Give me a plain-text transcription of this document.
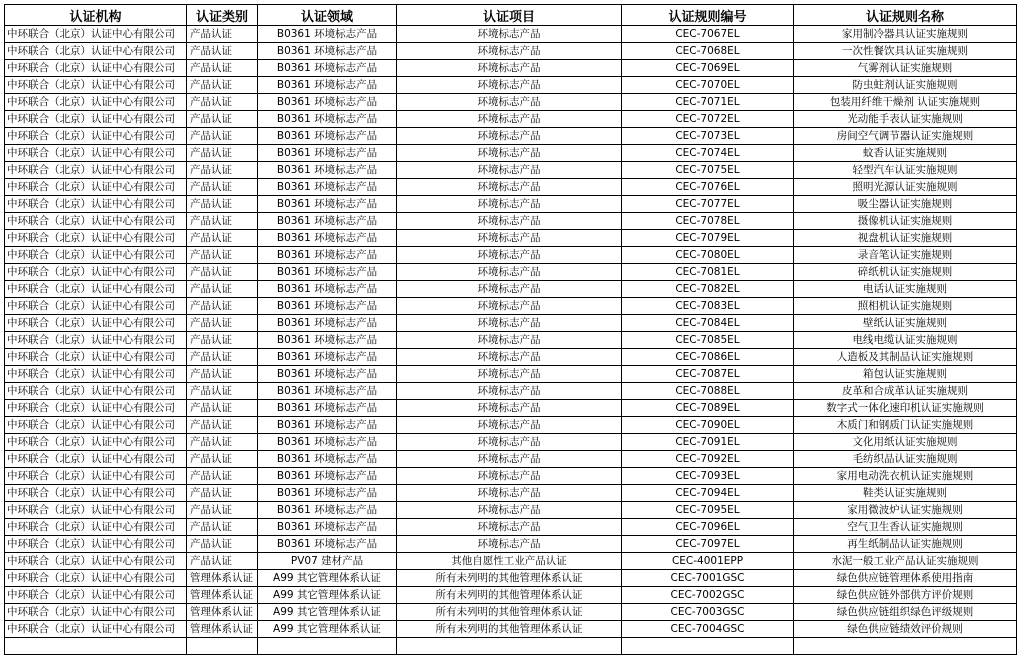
认证机构	认证类别	认证领域	认证项目	认证规则编号	认证规则名称
中环联合（北京）认证中心有限公司	产品认证	B0361 环境标志产品	环境标志产品	CEC-7067EL	家用制冷器具认证实施规则
中环联合（北京）认证中心有限公司	产品认证	B0361 环境标志产品	环境标志产品	CEC-7068EL	一次性餐饮具认证实施规则
中环联合（北京）认证中心有限公司	产品认证	B0361 环境标志产品	环境标志产品	CEC-7069EL	气雾剂认证实施规则
中环联合（北京）认证中心有限公司	产品认证	B0361 环境标志产品	环境标志产品	CEC-7070EL	防虫蛀剂认证实施规则
中环联合（北京）认证中心有限公司	产品认证	B0361 环境标志产品	环境标志产品	CEC-7071EL	包装用纤维干燥剂 认证实施规则
中环联合（北京）认证中心有限公司	产品认证	B0361 环境标志产品	环境标志产品	CEC-7072EL	光动能手表认证实施规则
中环联合（北京）认证中心有限公司	产品认证	B0361 环境标志产品	环境标志产品	CEC-7073EL	房间空气调节器认证实施规则
中环联合（北京）认证中心有限公司	产品认证	B0361 环境标志产品	环境标志产品	CEC-7074EL	蚊香认证实施规则
中环联合（北京）认证中心有限公司	产品认证	B0361 环境标志产品	环境标志产品	CEC-7075EL	轻型汽车认证实施规则
中环联合（北京）认证中心有限公司	产品认证	B0361 环境标志产品	环境标志产品	CEC-7076EL	照明光源认证实施规则
中环联合（北京）认证中心有限公司	产品认证	B0361 环境标志产品	环境标志产品	CEC-7077EL	吸尘器认证实施规则
中环联合（北京）认证中心有限公司	产品认证	B0361 环境标志产品	环境标志产品	CEC-7078EL	摄像机认证实施规则
中环联合（北京）认证中心有限公司	产品认证	B0361 环境标志产品	环境标志产品	CEC-7079EL	视盘机认证实施规则
中环联合（北京）认证中心有限公司	产品认证	B0361 环境标志产品	环境标志产品	CEC-7080EL	录音笔认证实施规则
中环联合（北京）认证中心有限公司	产品认证	B0361 环境标志产品	环境标志产品	CEC-7081EL	碎纸机认证实施规则
中环联合（北京）认证中心有限公司	产品认证	B0361 环境标志产品	环境标志产品	CEC-7082EL	电话认证实施规则
中环联合（北京）认证中心有限公司	产品认证	B0361 环境标志产品	环境标志产品	CEC-7083EL	照相机认证实施规则
中环联合（北京）认证中心有限公司	产品认证	B0361 环境标志产品	环境标志产品	CEC-7084EL	壁纸认证实施规则
中环联合（北京）认证中心有限公司	产品认证	B0361 环境标志产品	环境标志产品	CEC-7085EL	电线电缆认证实施规则
中环联合（北京）认证中心有限公司	产品认证	B0361 环境标志产品	环境标志产品	CEC-7086EL	人造板及其制品认证实施规则
中环联合（北京）认证中心有限公司	产品认证	B0361 环境标志产品	环境标志产品	CEC-7087EL	箱包认证实施规则
中环联合（北京）认证中心有限公司	产品认证	B0361 环境标志产品	环境标志产品	CEC-7088EL	皮革和合成革认证实施规则
中环联合（北京）认证中心有限公司	产品认证	B0361 环境标志产品	环境标志产品	CEC-7089EL	数字式一体化速印机认证实施规则
中环联合（北京）认证中心有限公司	产品认证	B0361 环境标志产品	环境标志产品	CEC-7090EL	木质门和钢质门认证实施规则
中环联合（北京）认证中心有限公司	产品认证	B0361 环境标志产品	环境标志产品	CEC-7091EL	文化用纸认证实施规则
中环联合（北京）认证中心有限公司	产品认证	B0361 环境标志产品	环境标志产品	CEC-7092EL	毛纺织品认证实施规则
中环联合（北京）认证中心有限公司	产品认证	B0361 环境标志产品	环境标志产品	CEC-7093EL	家用电动洗衣机认证实施规则
中环联合（北京）认证中心有限公司	产品认证	B0361 环境标志产品	环境标志产品	CEC-7094EL	鞋类认证实施规则
中环联合（北京）认证中心有限公司	产品认证	B0361 环境标志产品	环境标志产品	CEC-7095EL	家用微波炉认证实施规则
中环联合（北京）认证中心有限公司	产品认证	B0361 环境标志产品	环境标志产品	CEC-7096EL	空气卫生香认证实施规则
中环联合（北京）认证中心有限公司	产品认证	B0361 环境标志产品	环境标志产品	CEC-7097EL	再生纸制品认证实施规则
中环联合（北京）认证中心有限公司	产品认证	PV07 建材产品	其他自愿性工业产品认证	CEC-4001EPP	水泥一般工业产品认证实施规则
中环联合（北京）认证中心有限公司	管理体系认证	A99 其它管理体系认证	所有未列明的其他管理体系认证	CEC-7001GSC	绿色供应链管理体系使用指南
中环联合（北京）认证中心有限公司	管理体系认证	A99 其它管理体系认证	所有未列明的其他管理体系认证	CEC-7002GSC	绿色供应链外部供方评价规则
中环联合（北京）认证中心有限公司	管理体系认证	A99 其它管理体系认证	所有未列明的其他管理体系认证	CEC-7003GSC	绿色供应链组织绿色评级规则
中环联合（北京）认证中心有限公司	管理体系认证	A99 其它管理体系认证	所有未列明的其他管理体系认证	CEC-7004GSC	绿色供应链绩效评价规则
